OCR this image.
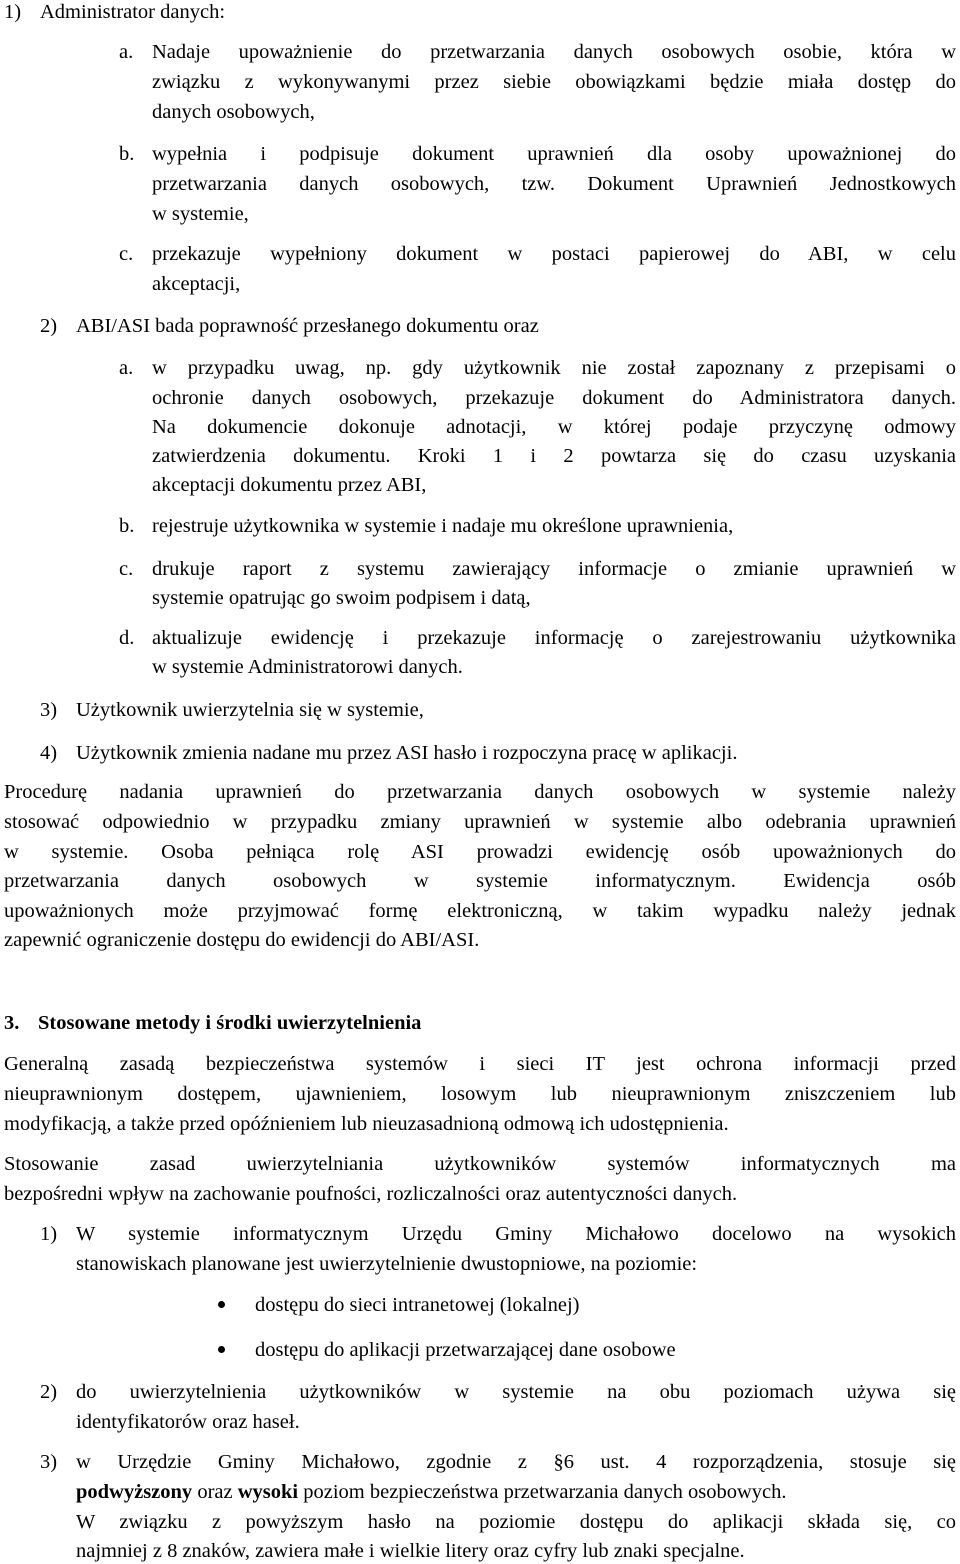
1) Administrator danych:
a. Nadaje upoważnienie do przetwarzania danych osobowych osobie, która w
związku z wykonywanymi przez siebie obowiązkami będzie miała dostęp do
danych osobowych,
b. wypełnia i podpisuje dokument uprawnień dla osoby upoważnionej do
przetwarzania danych osobowych, tzw. Dokument Uprawnień Jednostkowych
w systemie,
c. przekazuje wypełniony dokument w postaci papierowej do ABI, w celu
akceptacji,
2) ABI/ASI bada poprawność przesłanego dokumentu oraz
a. w przypadku uwag, np. gdy użytkownik nie został zapoznany z przepisami o
ochronie danych osobowych, przekazuje dokument do Administratora danych.
Na dokumencie dokonuje adnotacji, w której podaje przyczynę odmowy
zatwierdzenia dokumentu. Kroki 1 i 2 powtarza się do czasu uzyskania
akceptacji dokumentu przez ABI,
b. rejestruje użytkownika w systemie i nadaje mu określone uprawnienia,
c. drukuje raport z systemu zawierający informacje o zmianie uprawnień w
systemie opatrując go swoim podpisem i datą,
d. aktualizuje ewidencję i przekazuje informację o zarejestrowaniu użytkownika
w systemie Administratorowi danych.
3) Użytkownik uwierzytelnia się w systemie,
4) Użytkownik zmienia nadane mu przez ASI hasło i rozpoczyna pracę w aplikacji.
Procedurę nadania uprawnień do przetwarzania danych osobowych w systemie należy
stosować odpowiednio w przypadku zmiany uprawnień w systemie albo odebrania uprawnień
w systemie. Osoba pełniąca rolę ASI prowadzi ewidencję osób upoważnionych do
przetwarzania danych osobowych w systemie informatycznym. Ewidencja osób
upoważnionych może przyjmować formę elektroniczną, w takim wypadku należy jednak
zapewnić ograniczenie dostępu do ewidencji do ABI/ASI.
3. Stosowane metody i środki uwierzytelnienia
Generalną zasadą bezpieczeństwa systemów i sieci IT jest ochrona informacji przed
nieuprawnionym dostępem, ujawnieniem, losowym lub nieuprawnionym zniszczeniem lub
modyfikacją, a także przed opóźnieniem lub nieuzasadnioną odmową ich udostępnienia.
Stosowanie zasad uwierzytelniania użytkowników systemów informatycznych ma
bezpośredni wpływ na zachowanie poufności, rozliczalności oraz autentyczności danych.
1) W systemie informatycznym Urzędu Gminy Michałowo docelowo na wysokich
stanowiskach planowane jest uwierzytelnienie dwustopniowe, na poziomie:
dostępu do sieci intranetowej (lokalnej)
dostępu do aplikacji przetwarzającej dane osobowe
2) do uwierzytelnienia użytkowników w systemie na obu poziomach używa się
identyfikatorów oraz haseł.
3) w Urzędzie Gminy Michałowo, zgodnie z §6 ust. 4 rozporządzenia, stosuje się
podwyższony oraz wysoki poziom bezpieczeństwa przetwarzania danych osobowych.
W związku z powyższym hasło na poziomie dostępu do aplikacji składa się, co
najmniej z 8 znaków, zawiera małe i wielkie litery oraz cyfry lub znaki specjalne.
